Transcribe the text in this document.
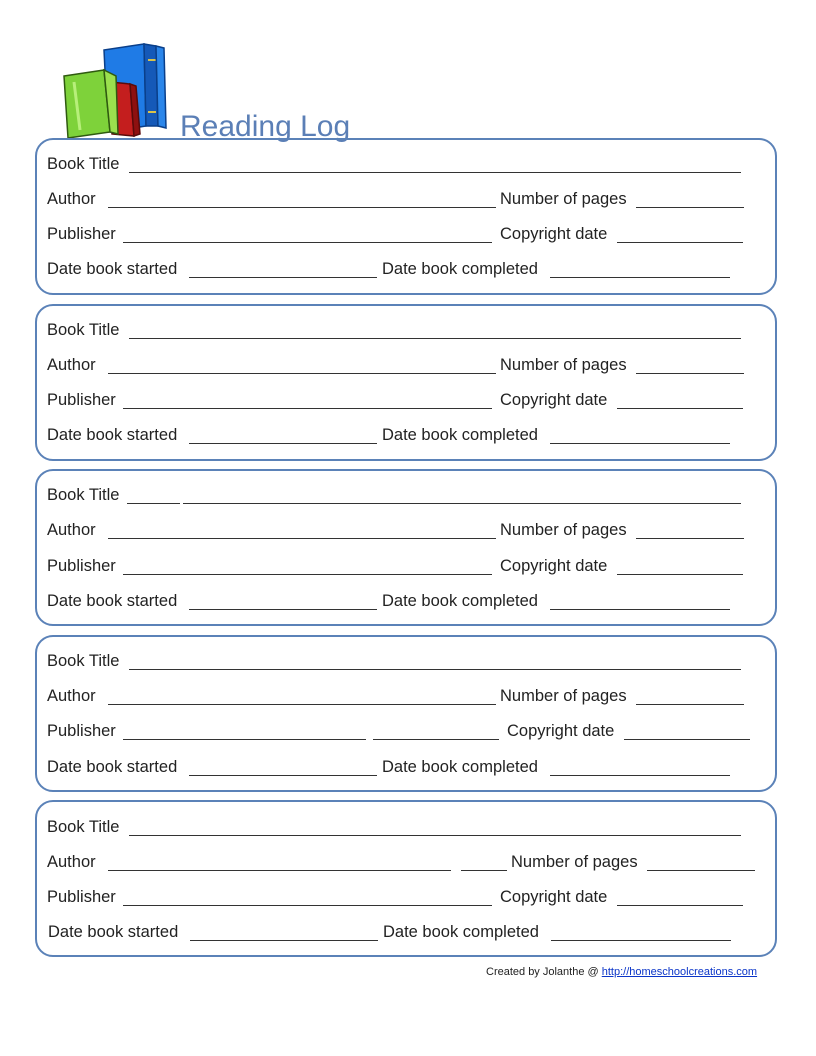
Reading Log
Book Title
Author	Number of pages
Publisher	Copyright date
Date book started	Date book completed
Book Title
Author	Number of pages
Publisher	Copyright date
Date book started	Date book completed
Book Title
Author	Number of pages
Publisher	Copyright date
Date book started	Date book completed
Book Title
Author	Number of pages
Publisher	Copyright date
Date book started	Date book completed
Book Title
Author	Number of pages
Publisher	Copyright date
Date book started	Date book completed
Created by Jolanthe @ http://homeschoolcreations.com
